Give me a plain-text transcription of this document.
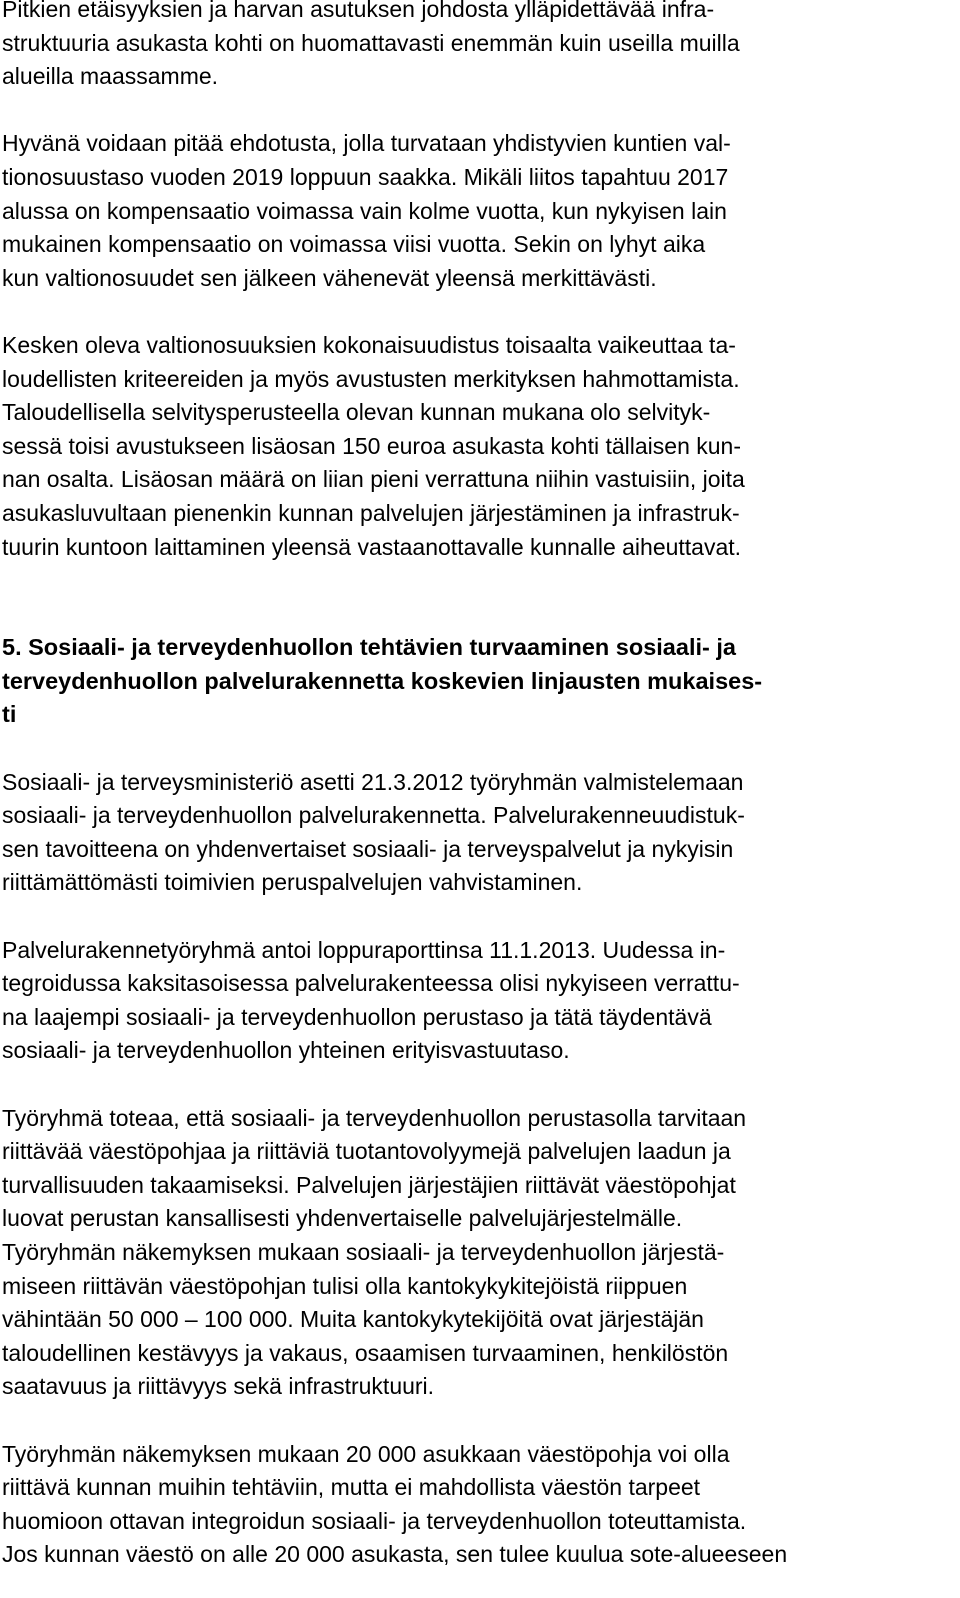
Pitkien etäisyyksien ja harvan asutuksen johdosta ylläpidettävää infra-
struktuuria asukasta kohti on huomattavasti enemmän kuin useilla muilla
alueilla maassamme.
Hyvänä voidaan pitää ehdotusta, jolla turvataan yhdistyvien kuntien val-
tionosuustaso vuoden 2019 loppuun saakka. Mikäli liitos tapahtuu 2017
alussa on kompensaatio voimassa vain kolme vuotta, kun nykyisen lain
mukainen kompensaatio on voimassa viisi vuotta. Sekin on lyhyt aika
kun valtionosuudet sen jälkeen vähenevät yleensä merkittävästi.
Kesken oleva valtionosuuksien kokonaisuudistus toisaalta vaikeuttaa ta-
loudellisten kriteereiden ja myös avustusten merkityksen hahmottamista.
Taloudellisella selvitysperusteella olevan kunnan mukana olo selvityk-
sessä toisi avustukseen lisäosan 150 euroa asukasta kohti tällaisen kun-
nan osalta. Lisäosan määrä on liian pieni verrattuna niihin vastuisiin, joita
asukasluvultaan pienenkin kunnan palvelujen järjestäminen ja infrastruk-
tuurin kuntoon laittaminen yleensä vastaanottavalle kunnalle aiheuttavat.
5. Sosiaali- ja terveydenhuollon tehtävien turvaaminen sosiaali- ja
terveydenhuollon palvelurakennetta koskevien linjausten mukaises-
ti
Sosiaali- ja terveysministeriö asetti 21.3.2012 työryhmän valmistelemaan
sosiaali- ja terveydenhuollon palvelurakennetta. Palvelurakenneuudistuk-
sen tavoitteena on yhdenvertaiset sosiaali- ja terveyspalvelut ja nykyisin
riittämättömästi toimivien peruspalvelujen vahvistaminen.
Palvelurakennetyöryhmä antoi loppuraporttinsa 11.1.2013. Uudessa in-
tegroidussa kaksitasoisessa palvelurakenteessa olisi nykyiseen verrattu-
na laajempi sosiaali- ja terveydenhuollon perustaso ja tätä täydentävä
sosiaali- ja terveydenhuollon yhteinen erityisvastuutaso.
Työryhmä toteaa, että sosiaali- ja terveydenhuollon perustasolla tarvitaan
riittävää väestöpohjaa ja riittäviä tuotantovolyymejä palvelujen laadun ja
turvallisuuden takaamiseksi. Palvelujen järjestäjien riittävät väestöpohjat
luovat perustan kansallisesti yhdenvertaiselle palvelujärjestelmälle.
Työryhmän näkemyksen mukaan sosiaali- ja terveydenhuollon järjestä-
miseen riittävän väestöpohjan tulisi olla kantokykykitejöistä riippuen
vähintään 50 000 – 100 000. Muita kantokykytekijöitä ovat järjestäjän
taloudellinen kestävyys ja vakaus, osaamisen turvaaminen, henkilöstön
saatavuus ja riittävyys sekä infrastruktuuri.
Työryhmän näkemyksen mukaan 20 000 asukkaan väestöpohja voi olla
riittävä kunnan muihin tehtäviin, mutta ei mahdollista väestön tarpeet
huomioon ottavan integroidun sosiaali- ja terveydenhuollon toteuttamista.
Jos kunnan väestö on alle 20 000 asukasta, sen tulee kuulua sote-alueeseen
